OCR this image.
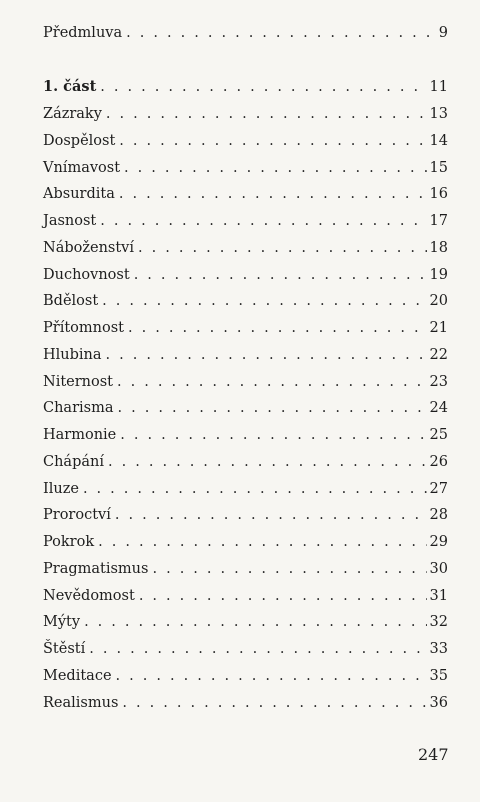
Předmluva . . .	9
1. část . . .	11
Zázraky . . .	13
Dospělost . . .	14
Vnímavost . . .	15
Absurdita . . .	16
Jasnost . . .	17
Náboženství . . .	18
Duchovnost . . .	19
Bdělost . . .	20
Přítomnost . . .	21
Hlubina . . .	22
Niternost . . .	23
Charisma . . .	24
Harmonie . . .	25
Chápání . . .	26
Iluze . . .	27
Proroctví . . .	28
Pokrok . . .	29
Pragmatismus . . .	30
Nevědomost . . .	31
Mýty . . .	32
Štěstí . . .	33
Meditace . . .	35
Realismus . . .	36
247
